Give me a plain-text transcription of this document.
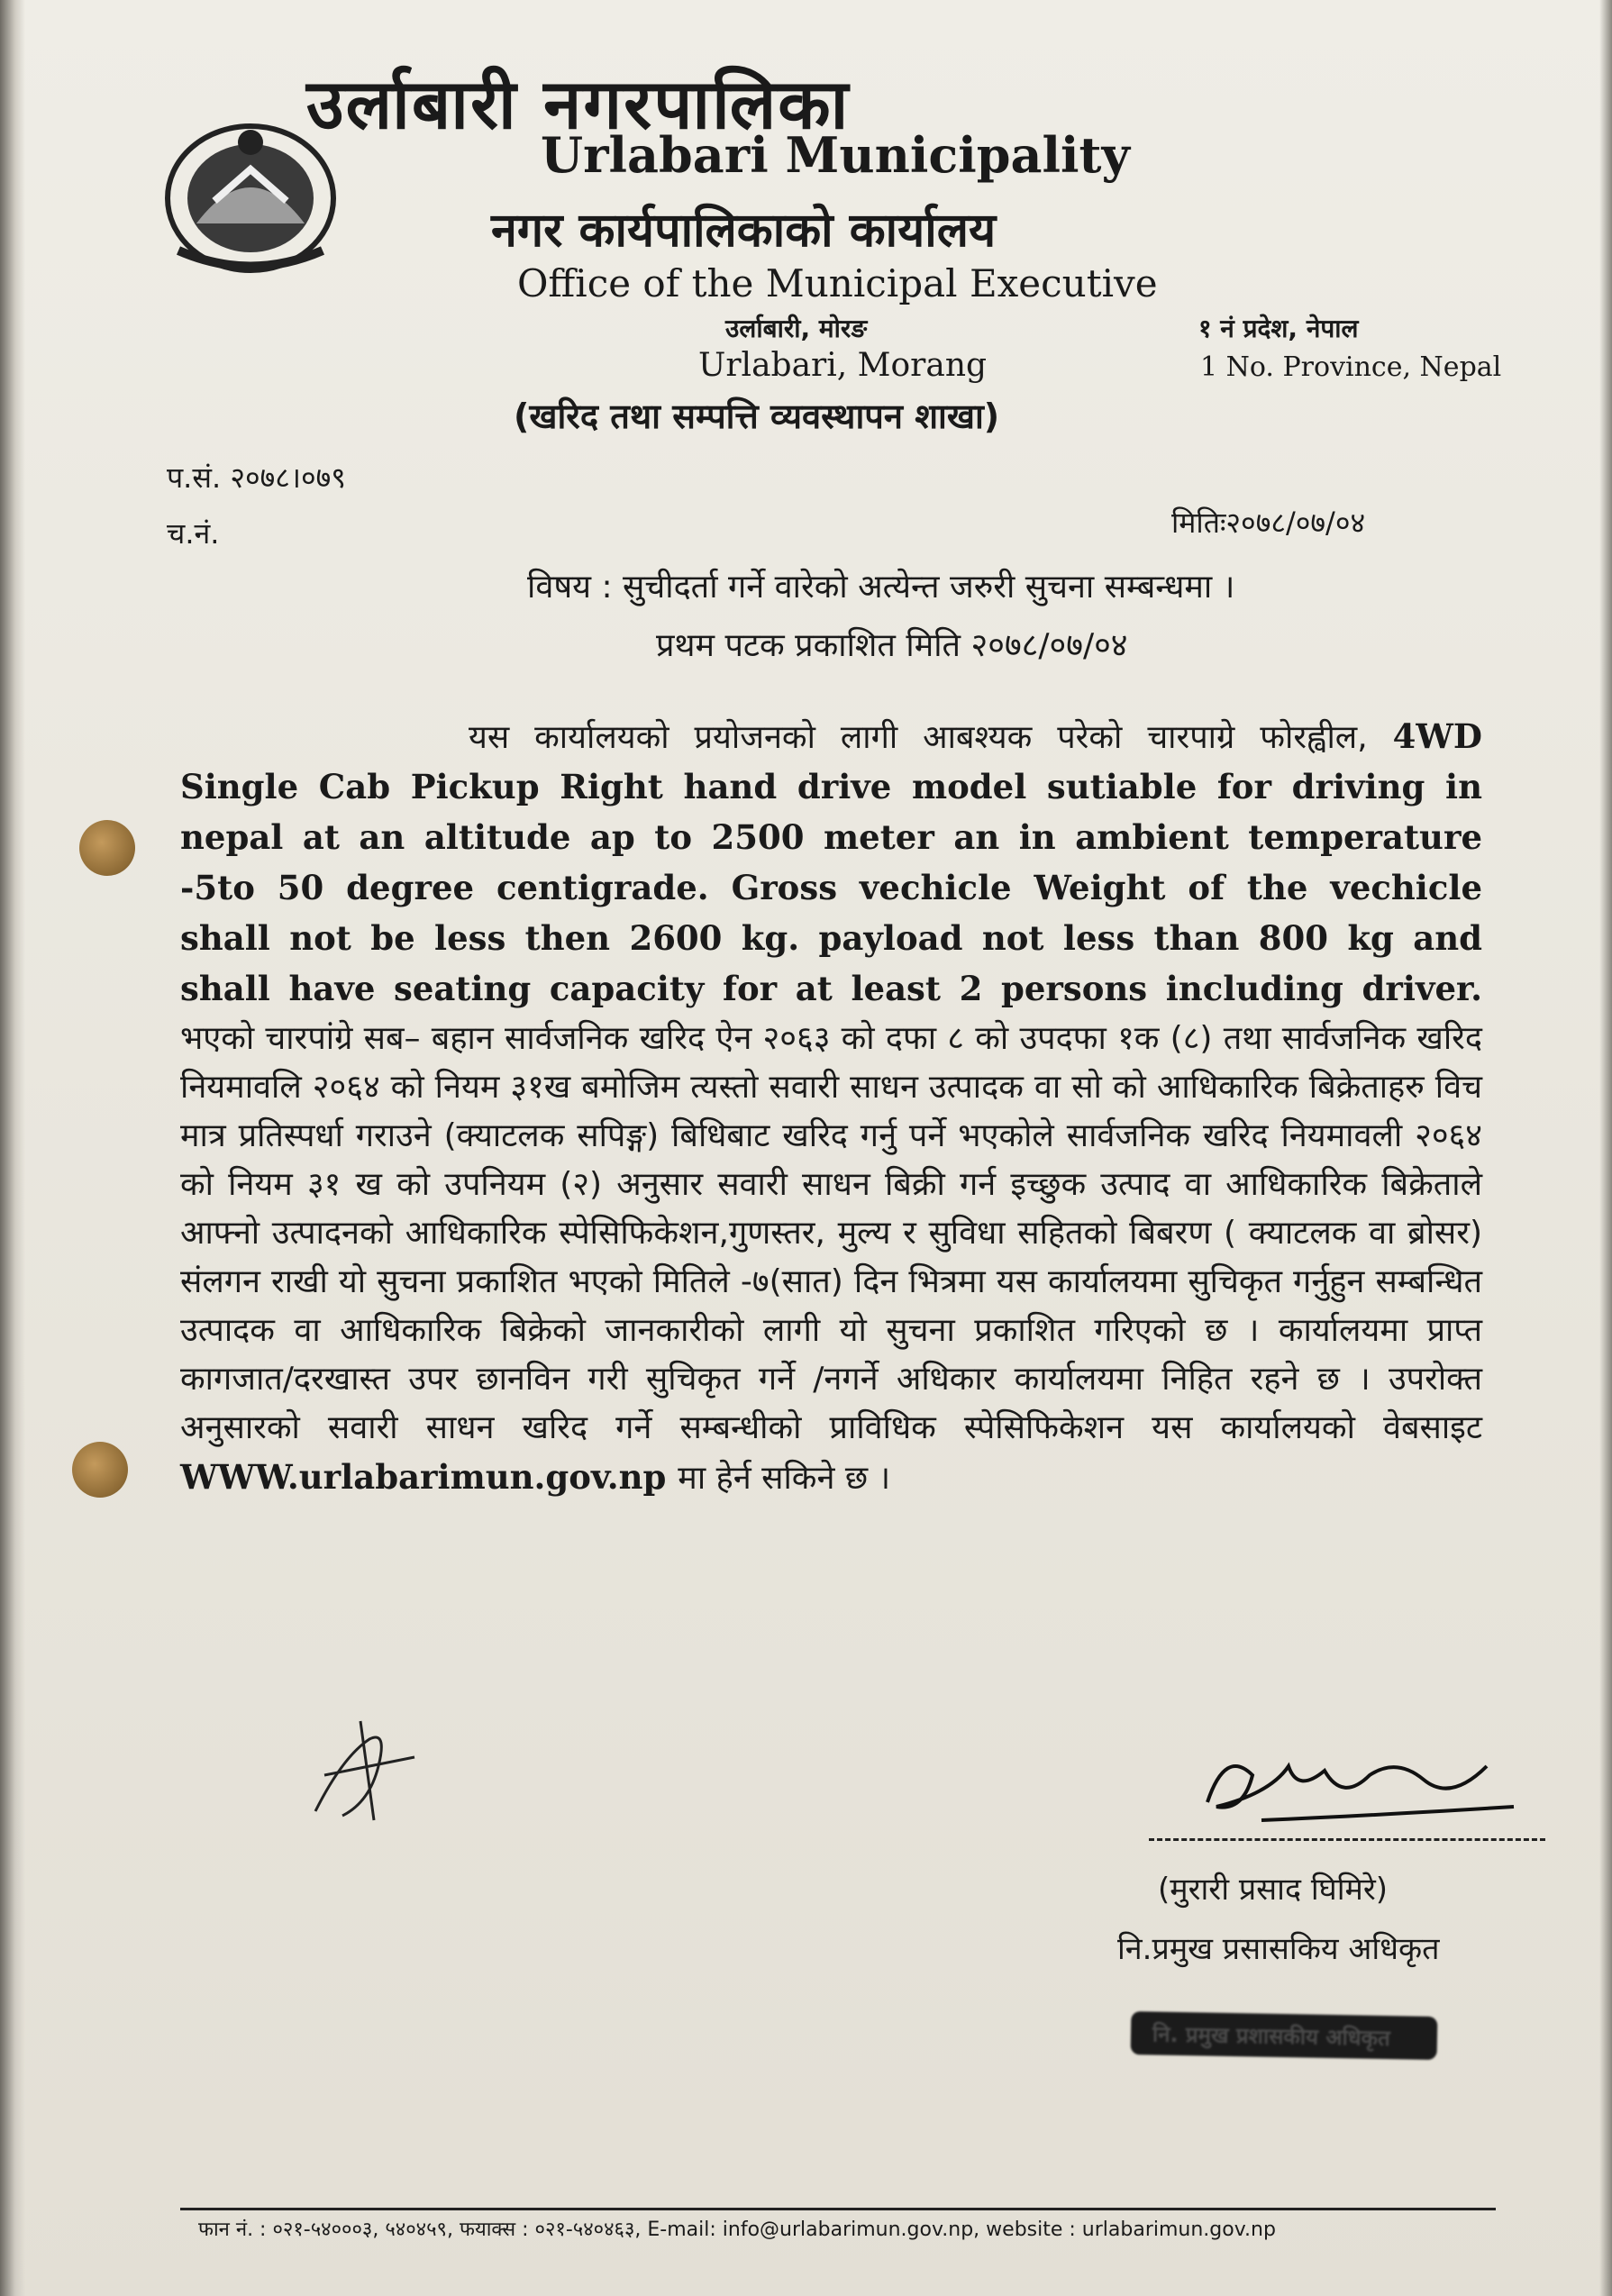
उर्लाबारी नगरपालिका
Urlabari Municipality
नगर कार्यपालिकाको कार्यालय
Office of the Municipal Executive
उर्लाबारी, मोरङ
Urlabari, Morang
१ नं प्रदेश, नेपाल
1 No. Province, Nepal
(खरिद तथा सम्पत्ति व्यवस्थापन शाखा)
प.सं. २०७८।०७९
च.नं.	मितिः२०७८/०७/०४
विषय : सुचीदर्ता गर्ने वारेको अत्येन्त जरुरी सुचना सम्बन्धमा ।
प्रथम पटक प्रकाशित मिति २०७८/०७/०४
यस कार्यालयको प्रयोजनको लागी आबश्यक परेको चारपाग्रे फोरह्वील, 4WD Single Cab Pickup Right hand drive model sutiable for driving in nepal at an altitude ap to 2500 meter an in ambient temperature -5to 50 degree centigrade. Gross vechicle Weight of the vechicle shall not be less then 2600 kg. payload not less than 800 kg and shall have seating capacity for at least 2 persons including driver. भएको चारपांग्रे सब– बहान सार्वजनिक खरिद ऐन २०६३ को दफा ८ को उपदफा १क (८) तथा सार्वजनिक खरिद नियमावलि २०६४ को नियम ३१ख बमोजिम त्यस्तो सवारी साधन उत्पादक वा सो को आधिकारिक बिक्रेताहरु विच मात्र प्रतिस्पर्धा गराउने (क्याटलक सपिङ्ग) बिधिबाट खरिद गर्नु पर्ने भएकोले सार्वजनिक खरिद नियमावली २०६४ को नियम ३१ ख को उपनियम (२) अनुसार सवारी साधन बिक्री गर्न इच्छुक उत्पाद वा आधिकारिक बिक्रेताले आफ्नो उत्पादनको आधिकारिक स्पेसिफिकेशन,गुणस्तर, मुल्य र सुविधा सहितको बिबरण ( क्याटलक वा ब्रोसर) संलगन राखी यो सुचना प्रकाशित भएको मितिले -७(सात) दिन भित्रमा यस कार्यालयमा सुचिकृत गर्नुहुन सम्बन्धित उत्पादक वा आधिकारिक बिक्रेको जानकारीको लागी यो सुचना प्रकाशित गरिएको छ । कार्यालयमा प्राप्त कागजात/दरखास्त उपर छानविन गरी सुचिकृत गर्ने /नगर्ने अधिकार कार्यालयमा निहित रहने छ । उपरोक्त अनुसारको सवारी साधन खरिद गर्ने सम्बन्धीको प्राविधिक स्पेसिफिकेशन यस कार्यालयको वेबसाइट WWW.urlabarimun.gov.np मा हेर्न सकिने छ ।
(मुरारी प्रसाद घिमिरे)
नि.प्रमुख प्रसासकिय अधिकृत
नि. प्रमुख प्रशासकीय अधिकृत
फान नं. : ०२१-५४०००३, ५४०४५९, फयाक्स : ०२१-५४०४६३, E-mail: info@urlabarimun.gov.np, website : urlabarimun.gov.np
